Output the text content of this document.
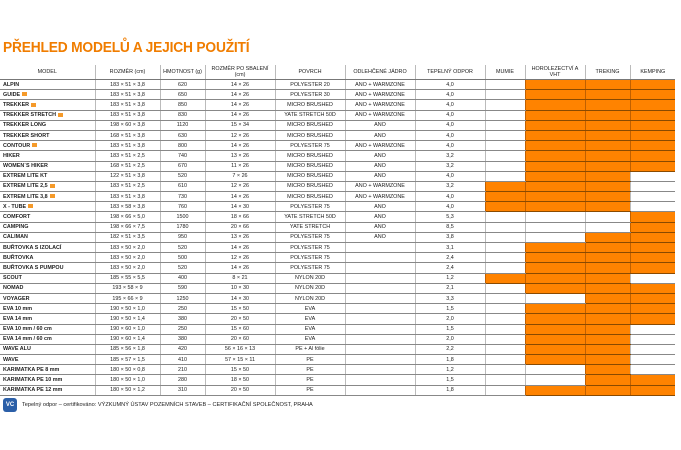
PŘEHLED MODELŮ A JEJICH POUŽITÍ
MODEL	ROZMĚR (cm)	HMOTNOST (g)	ROZMĚR PO SBALENÍ (cm)	POVRCH	ODLEHČENÉ JÁDRO	TEPELNÝ ODPOR	MUMIE	HOROLEZECTVÍ A VHT	TREKING	KEMPING
ALPIN	183 × 51 × 3,8	620	14 × 26	POLYESTER 20	ANO + WARMZONE	4,0				
GUIDE	183 × 51 × 3,8	650	14 × 26	POLYESTER 30	ANO + WARMZONE	4,0				
TREKKER	183 × 51 × 3,8	850	14 × 26	MICRO BRUSHED	ANO + WARMZONE	4,0				
TREKKER STRETCH	183 × 51 × 3,8	830	14 × 26	YATE STRETCH 50D	ANO + WARMZONE	4,0				
TREKKER LONG	198 × 60 × 3,8	1120	15 × 34	MICRO BRUSHED	ANO	4,0				
TREKKER SHORT	168 × 51 × 3,8	630	12 × 26	MICRO BRUSHED	ANO	4,0				
CONTOUR	183 × 51 × 3,8	800	14 × 26	POLYESTER 75	ANO + WARMZONE	4,0				
HIKER	183 × 51 × 2,5	740	13 × 26	MICRO BRUSHED	ANO	3,2				
WOMEN´S HIKER	168 × 51 × 2,5	670	11 × 26	MICRO BRUSHED	ANO	3,2				
EXTREM LITE KT	122 × 51 × 3,8	520	7 × 26	MICRO BRUSHED	ANO	4,0				
EXTREM LITE 2,5	183 × 51 × 2,5	610	12 × 26	MICRO BRUSHED	ANO + WARMZONE	3,2				
EXTREM LITE 3,8	183 × 51 × 3,8	730	14 × 26	MICRO BRUSHED	ANO + WARMZONE	4,0				
X - TUBE	183 × 58 × 3,8	760	14 × 30	POLYESTER 75	ANO	4,0				
COMFORT	198 × 66 × 5,0	1500	18 × 66	YATE STRETCH 50D	ANO	5,3				
CAMPING	198 × 66 × 7,5	1780	20 × 66	YATE STRETCH	ANO	8,5				
CALIMAN	182 × 51 × 3,5	950	13 × 26	POLYESTER 75	ANO	3,8				
BUŘTOVKA S IZOLACÍ	183 × 50 × 2,0	520	14 × 26	POLYESTER 75		3,1				
BUŘTOVKA	183 × 50 × 2,0	500	12 × 26	POLYESTER 75		2,4				
BUŘTOVKA S PUMPOU	183 × 50 × 2,0	520	14 × 26	POLYESTER 75		2,4				
SCOUT	185 × 55 × 5,5	400	8 × 21	NYLON 20D		1,2				
NOMAD	193 × 58 × 9	590	10 × 30	NYLON 20D		2,1				
VOYAGER	195 × 66 × 9	1250	14 × 30	NYLON 20D		3,3				
EVA 10 mm	190 × 50 × 1,0	250	15 × 50	EVA		1,5				
EVA 14 mm	190 × 50 × 1,4	380	20 × 50	EVA		2,0				
EVA 10 mm / 60 cm	190 × 60 × 1,0	250	15 × 60	EVA		1,5				
EVA 14 mm / 60 cm	190 × 60 × 1,4	380	20 × 60	EVA		2,0				
WAVE ALU	185 × 56 × 1,8	420	56 × 16 × 13	PE + Al fólie		2,2				
WAVE	185 × 57 × 1,5	410	57 × 15 × 11	PE		1,8				
KARIMATKA PE 8 mm	180 × 50 × 0,8	210	15 × 50	PE		1,2				
KARIMATKA PE 10 mm	180 × 50 × 1,0	280	18 × 50	PE		1,5				
KARIMATKA PE 12 mm	180 × 50 × 1,2	310	20 × 50	PE		1,8				
VC	Tepelný odpor – certifikováno: VÝZKUMNÝ ÚSTAV POZEMNÍCH STAVEB – CERTIFIKAČNÍ SPOLEČNOST, PRAHA
